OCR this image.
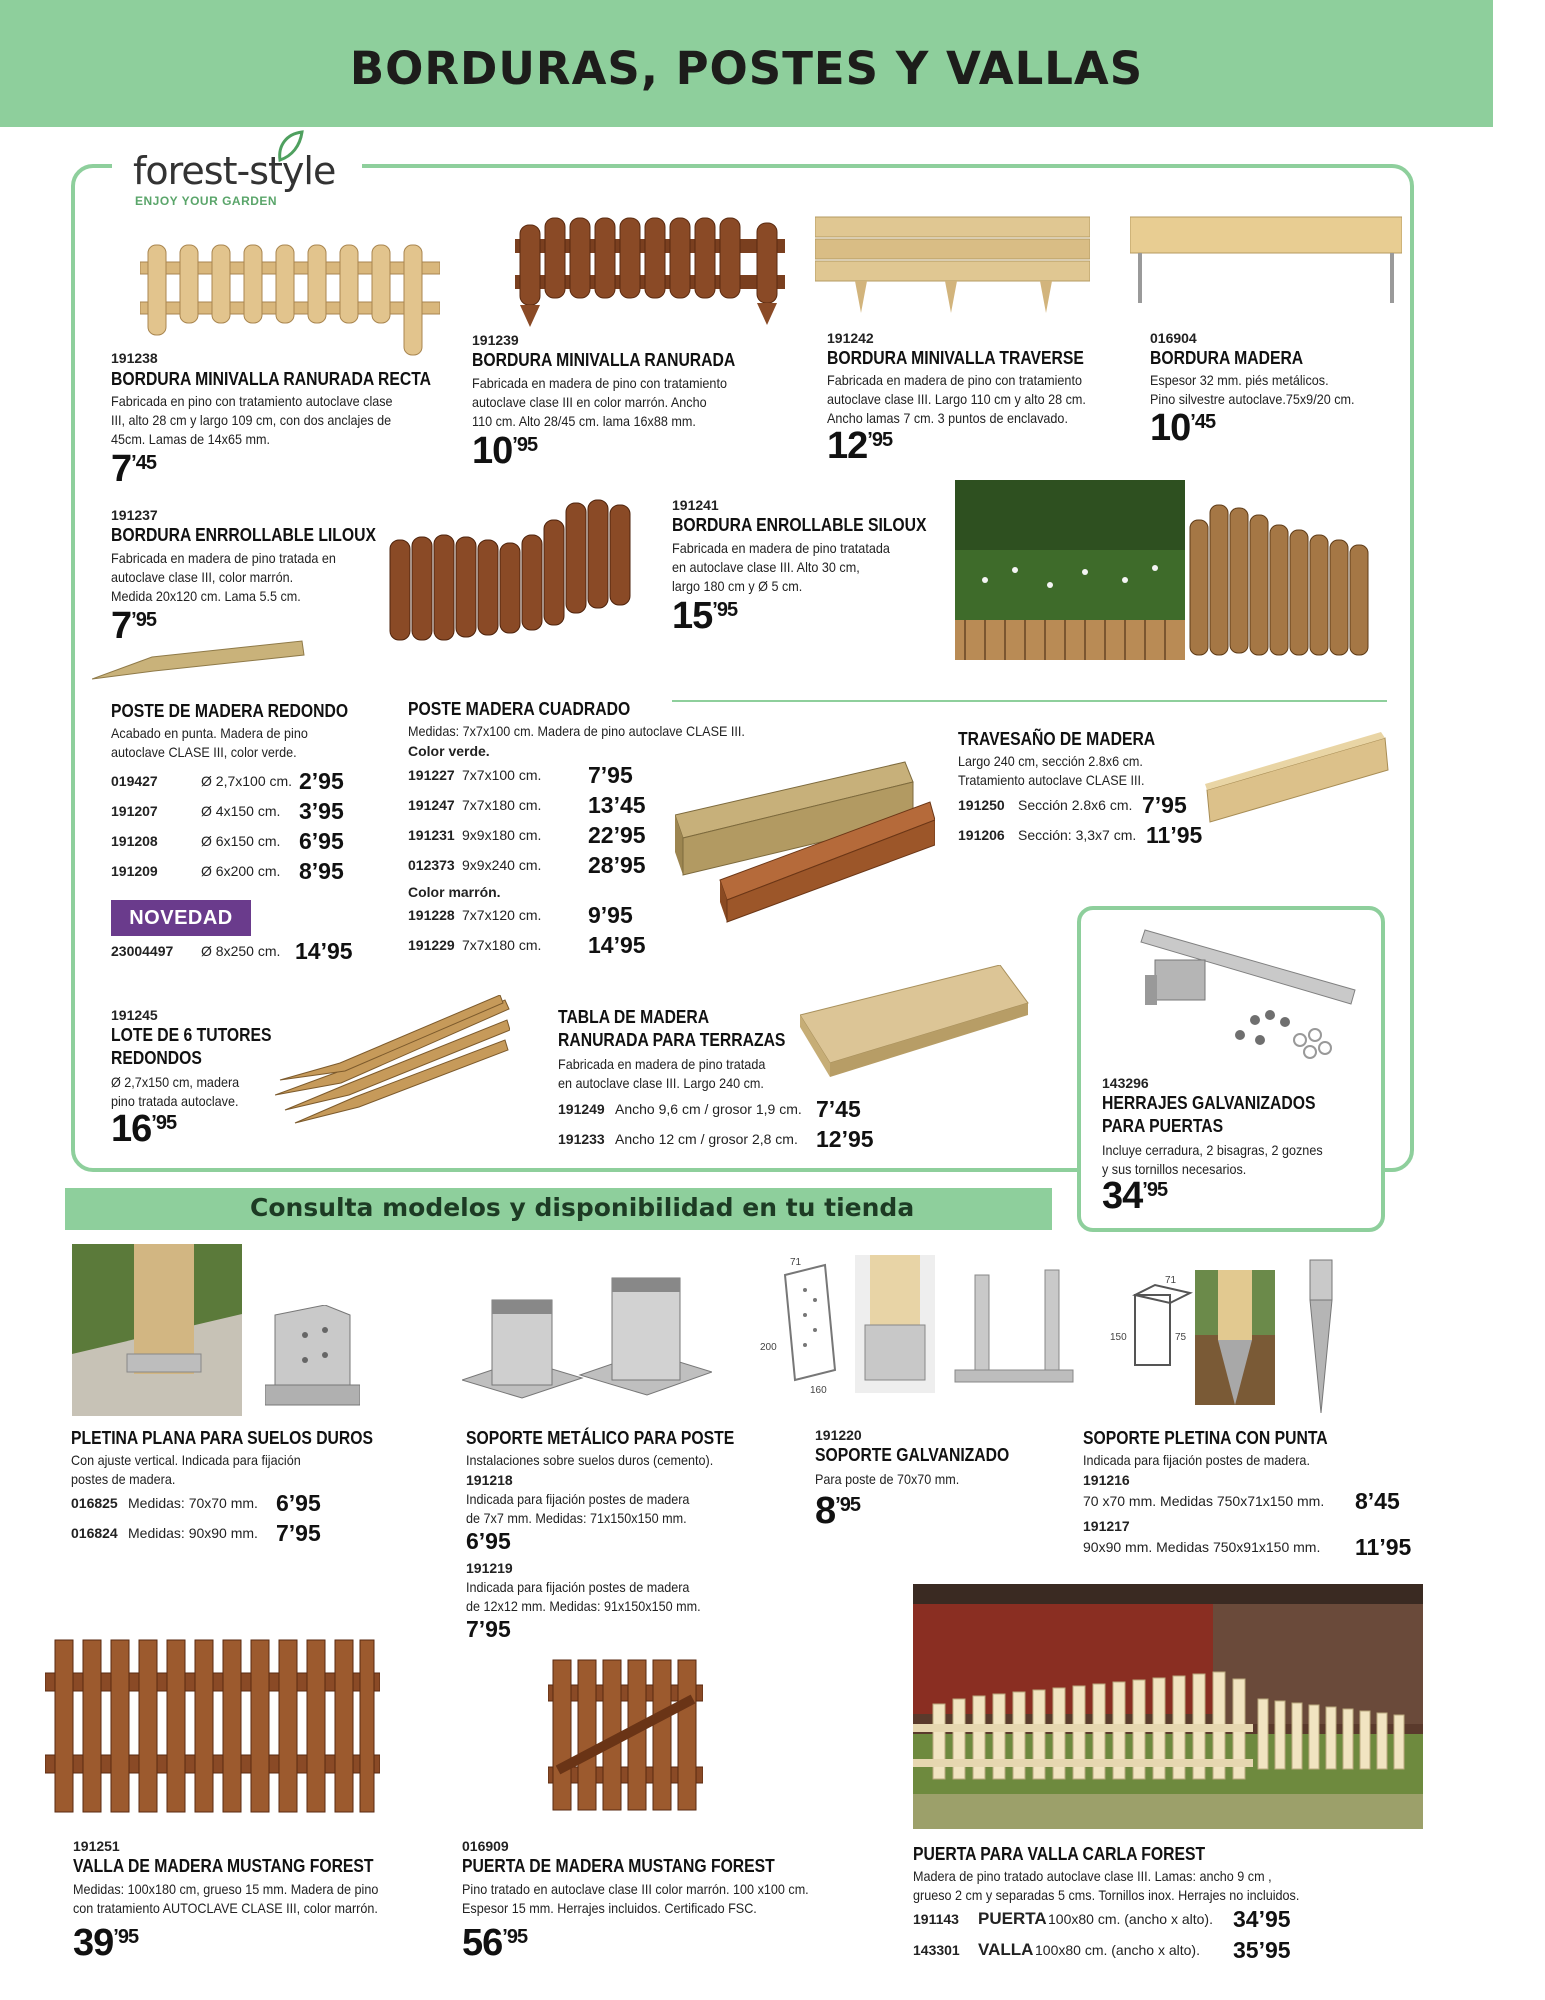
BORDURAS, POSTES Y VALLAS
forest-style
ENJOY YOUR GARDEN
191238
BORDURA MINIVALLA RANURADA RECTA
Fabricada en pino con tratamiento autoclave clase
III, alto 28 cm y largo 109 cm, con dos anclajes de
45cm. Lamas de 14x65 mm.
$7^{’45}$
191239
BORDURA MINIVALLA RANURADA
Fabricada en madera de pino con tratamiento
autoclave clase III en color marrón. Ancho
110 cm. Alto 28/45 cm. lama 16x88 mm.
$10^{’95}$
191242
BORDURA MINIVALLA TRAVERSE
Fabricada en madera de pino con tratamiento
autoclave clase III. Largo 110 cm y alto 28 cm.
Ancho lamas 7 cm. 3 puntos de enclavado.
$12^{’95}$
016904
BORDURA MADERA
Espesor 32 mm. piés metálicos.
Pino silvestre autoclave.75x9/20 cm.
$10^{’45}$
191237
BORDURA ENRROLLABLE LILOUX
Fabricada en madera de pino tratada en
autoclave clase III, color marrón.
Medida 20x120 cm. Lama 5.5 cm.
$7^{’95}$
191241
BORDURA ENROLLABLE SILOUX
Fabricada en madera de pino tratatada
en autoclave clase III. Alto 30 cm,
largo 180 cm y Ø 5 cm.
$15^{’95}$
POSTE DE MADERA REDONDO
Acabado en punta. Madera de pino
autoclave CLASE III, color verde.
019427	Ø 2,7x100 cm. 2’95
191207	Ø 4x150 cm. 3’95
191208	Ø 6x150 cm. 6’95
191209	Ø 6x200 cm. 8’95
NOVEDAD
23004497 Ø 8x250 cm. 14’95
POSTE MADERA CUADRADO
Medidas: 7x7x100 cm. Madera de pino autoclave CLASE III.
Color verde.
191227 7x7x100 cm. 7’95
191247 7x7x180 cm. 13’45
191231 9x9x180 cm. 22’95
012373 9x9x240 cm. 28’95
Color marrón.
191228 7x7x120 cm. 9’95
191229 7x7x180 cm. 14’95
TRAVESAÑO DE MADERA
Largo 240 cm, sección 2.8x6 cm.
Tratamiento autoclave CLASE III.
191250 Sección 2.8x6 cm. 7’95
191206 Sección: 3,3x7 cm. 11’95
191245
LOTE DE 6 TUTORES
REDONDOS
Ø 2,7x150 cm, madera
pino tratada autoclave.
$16^{’95}$
TABLA DE MADERA
RANURADA PARA TERRAZAS
Fabricada en madera de pino tratada
en autoclave clase III. Largo 240 cm.
191249 Ancho 9,6 cm / grosor 1,9 cm. 7’45
191233 Ancho 12 cm / grosor 2,8 cm. 12’95
143296
HERRAJES GALVANIZADOS
PARA PUERTAS
Incluye cerradura, 2 bisagras, 2 goznes
y sus tornillos necesarios.
$34^{’95}$
Consulta modelos y disponibilidad en tu tienda
PLETINA PLANA PARA SUELOS DUROS
Con ajuste vertical. Indicada para fijación
postes de madera.
016825 Medidas: 70x70 mm. 6’95
016824 Medidas: 90x90 mm. 7’95
SOPORTE METÁLICO PARA POSTE
Instalaciones sobre suelos duros (cemento).
191218
Indicada para fijación postes de madera
de 7x7 mm. Medidas: 71x150x150 mm.
6’95
191219
Indicada para fijación postes de madera
de 12x12 mm. Medidas: 91x150x150 mm.
7’95
71
200
160
191220
SOPORTE GALVANIZADO
Para poste de 70x70 mm.
$8^{’95}$
71
150	75
SOPORTE PLETINA CON PUNTA
Indicada para fijación postes de madera.
191216
70 x70 mm. Medidas 750x71x150 mm. 8’45
191217
90x90 mm. Medidas 750x91x150 mm. 11’95
191251
VALLA DE MADERA MUSTANG FOREST
Medidas: 100x180 cm, grueso 15 mm. Madera de pino
con tratamiento AUTOCLAVE CLASE III, color marrón.
$39^{’95}$
016909
PUERTA DE MADERA MUSTANG FOREST
Pino tratado en autoclave clase III color marrón. 100 x100 cm.
Espesor 15 mm. Herrajes incluidos. Certificado FSC.
$56^{’95}$
PUERTA PARA VALLA CARLA FOREST
Madera de pino tratado autoclave clase III. Lamas: ancho 9 cm ,
grueso 2 cm y separadas 5 cms. Tornillos inox. Herrajes no incluidos.
191143 PUERTA 100x80 cm. (ancho x alto). 34’95
143301 VALLA 100x80 cm. (ancho x alto). 35’95
